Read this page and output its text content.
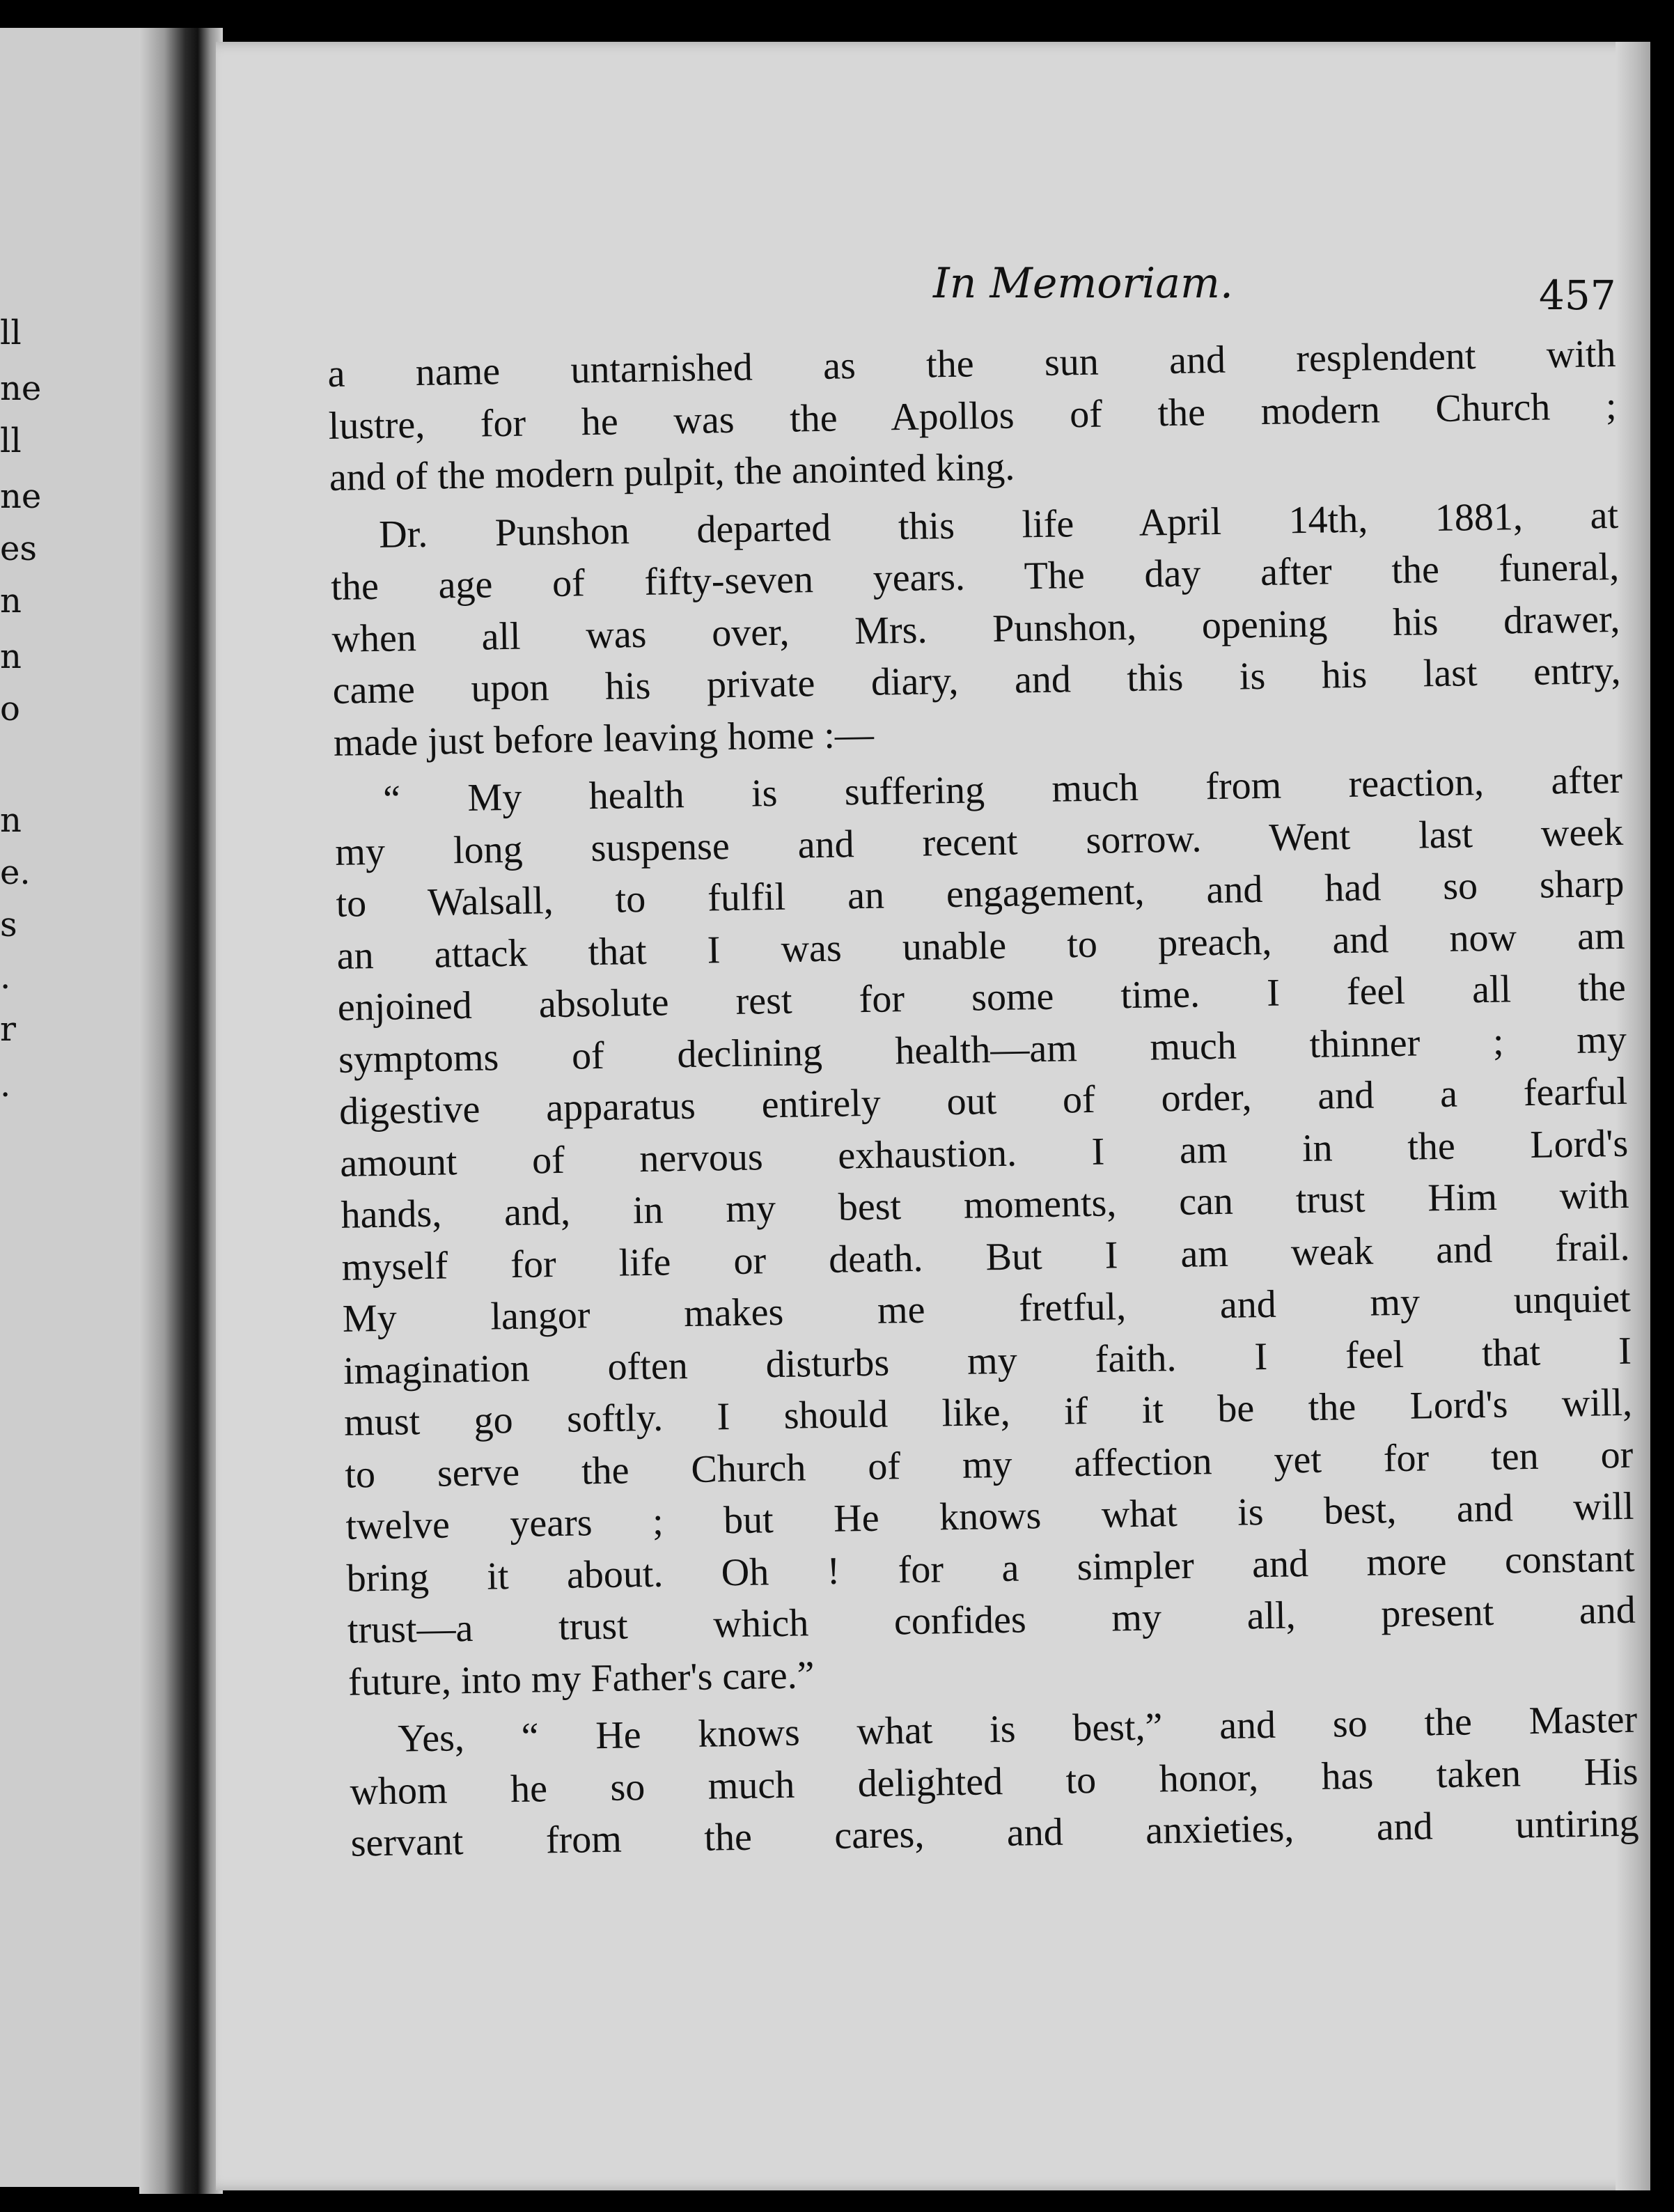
ll
ne
ll
ne
es
n
n
o
n
e.
s
.
r
.
In Memoriam.	457
a name untarnished as the sun and resplendent with
lustre, for he was the Apollos of the modern Church ;
and of the modern pulpit, the anointed king.
Dr. Punshon departed this life April 14th, 1881, at
the age of fifty-seven years. The day after the funeral,
when all was over, Mrs. Punshon, opening his drawer,
came upon his private diary, and this is his last entry,
made just before leaving home :—
“ My health is suffering much from reaction, after
my long suspense and recent sorrow. Went last week
to Walsall, to fulfil an engagement, and had so sharp
an attack that I was unable to preach, and now am
enjoined absolute rest for some time. I feel all the
symptoms of declining health—am much thinner ; my
digestive apparatus entirely out of order, and a fearful
amount of nervous exhaustion. I am in the Lord's
hands, and, in my best moments, can trust Him with
myself for life or death. But I am weak and frail.
My langor makes me fretful, and my unquiet
imagination often disturbs my faith. I feel that I
must go softly. I should like, if it be the Lord's will,
to serve the Church of my affection yet for ten or
twelve years ; but He knows what is best, and will
bring it about. Oh ! for a simpler and more constant
trust—a trust which confides my all, present and
future, into my Father's care.”
Yes, “ He knows what is best,” and so the Master
whom he so much delighted to honor, has taken His
servant from the cares, and anxieties, and untiring
